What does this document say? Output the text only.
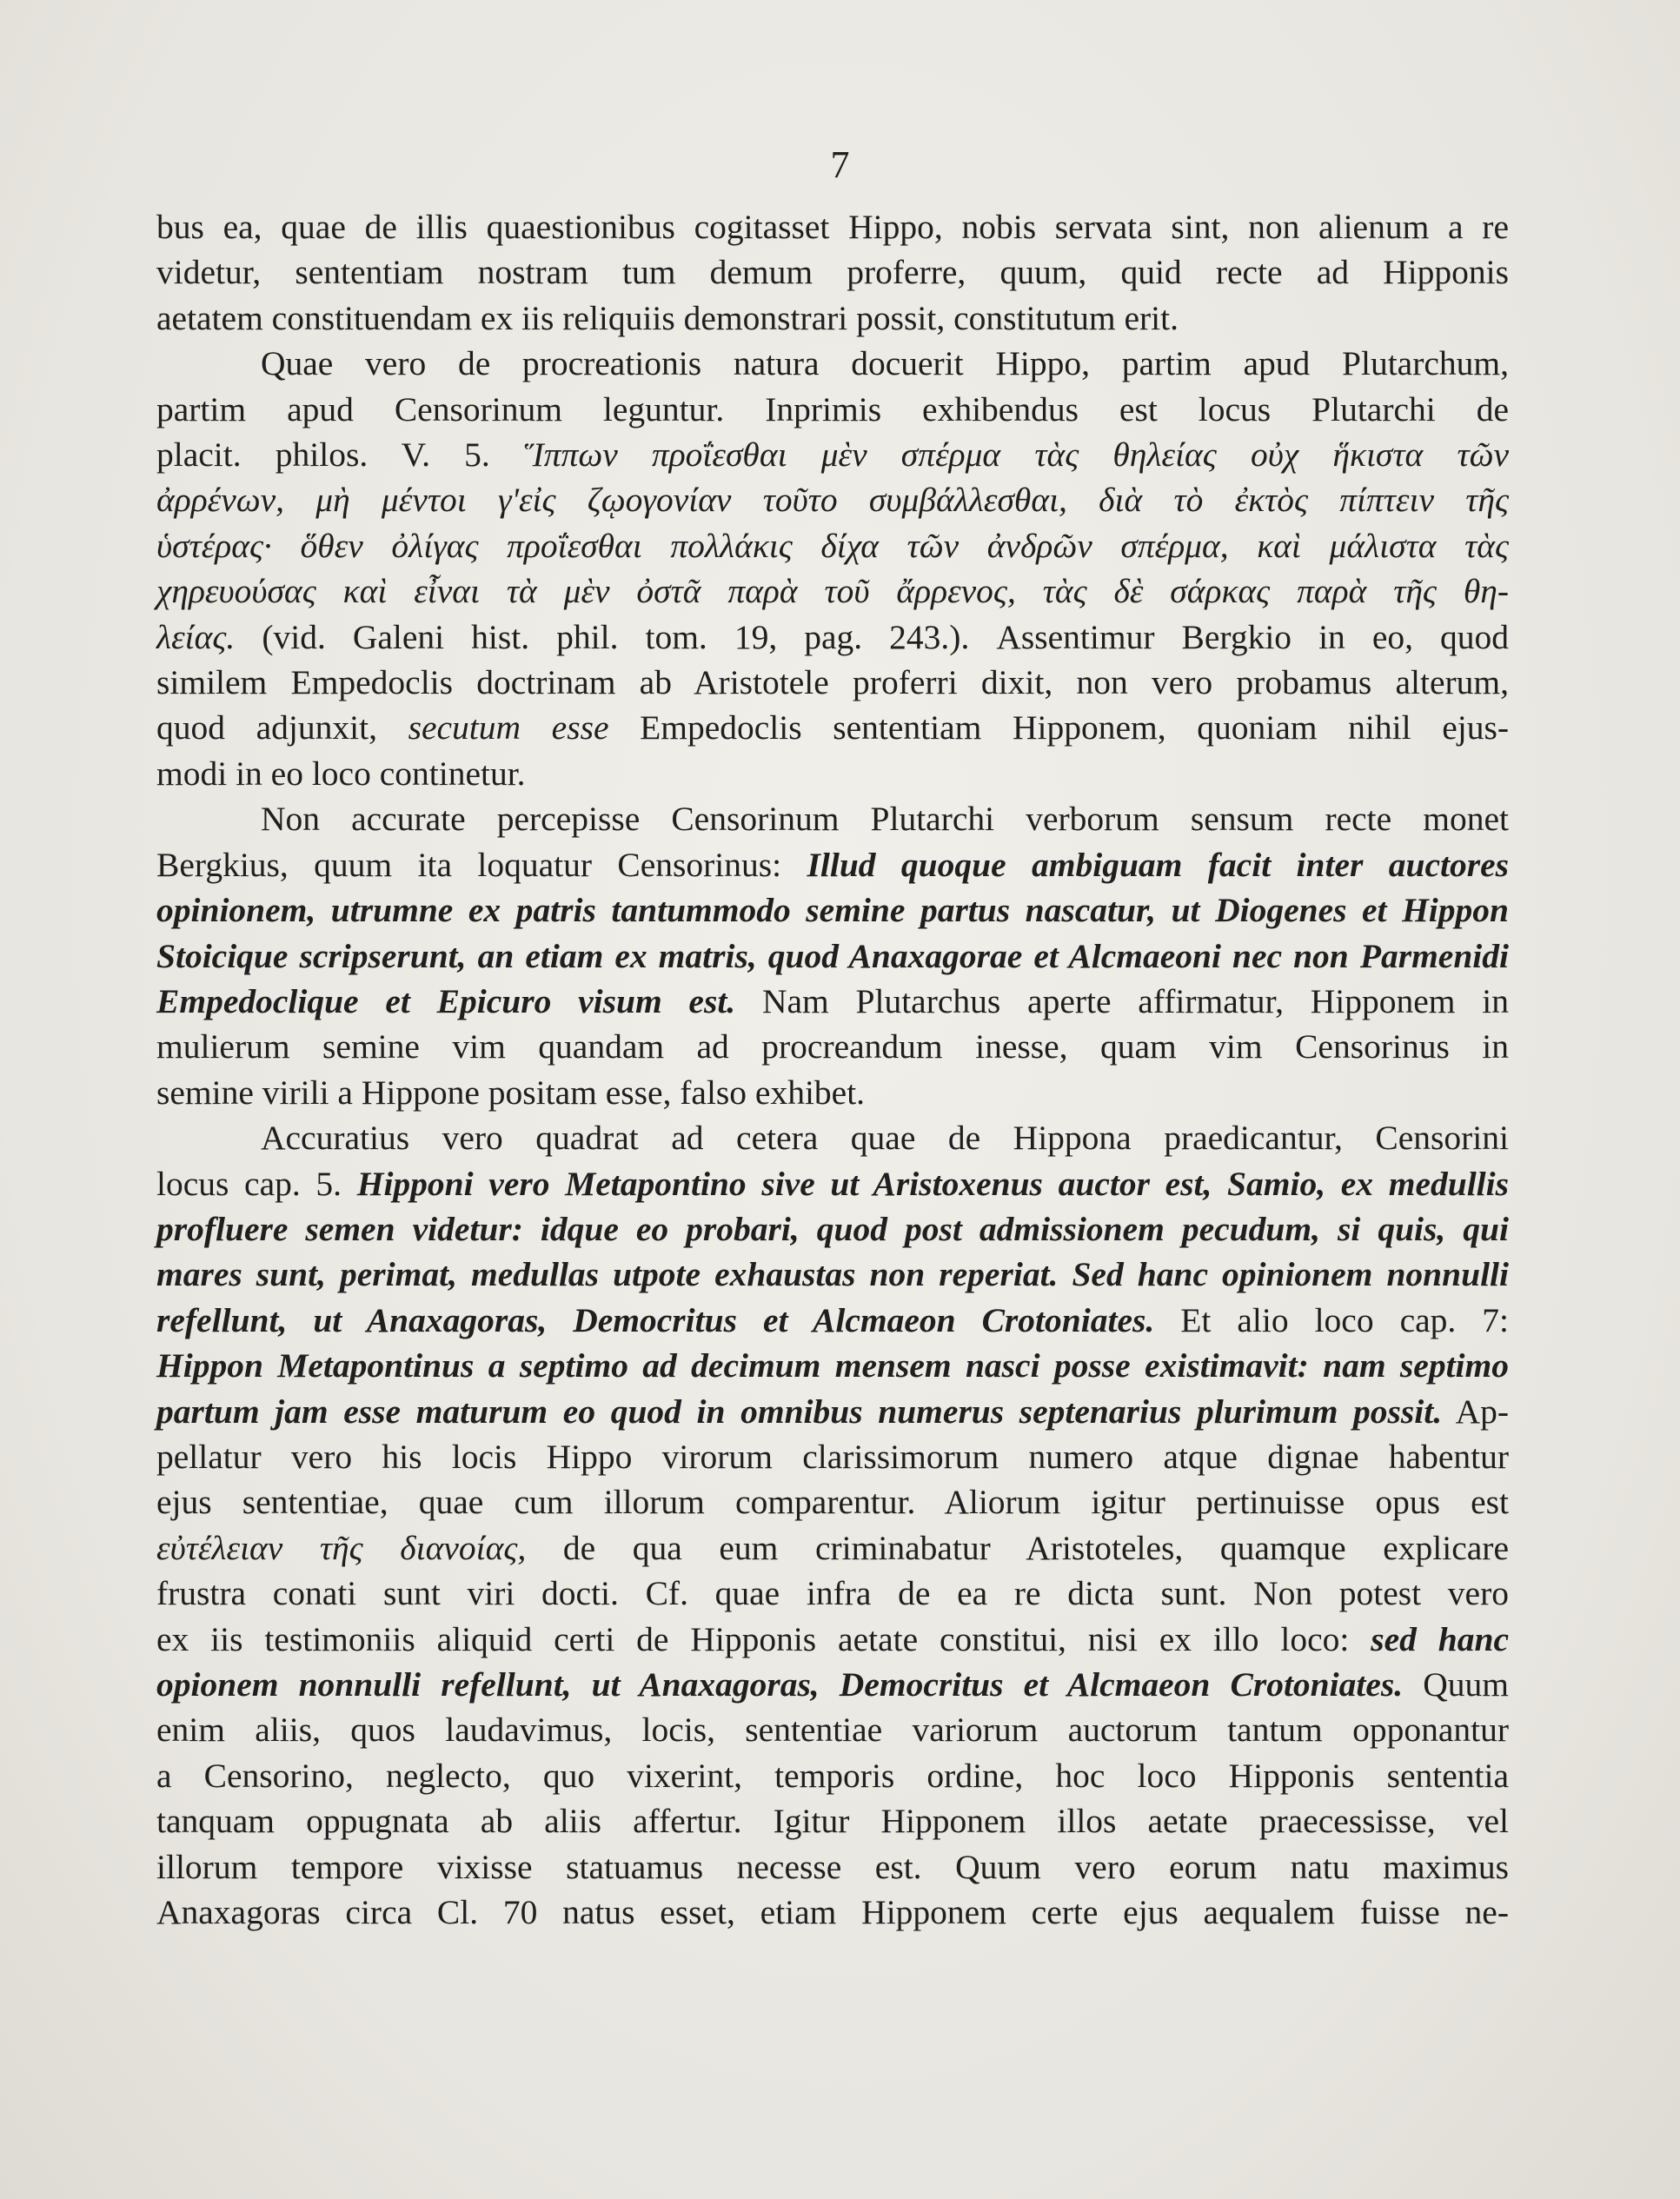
7
bus ea, quae de illis quaestionibus cogitasset Hippo, nobis servata sint, non alienum a re
videtur, sententiam nostram tum demum proferre, quum, quid recte ad Hipponis
aetatem constituendam ex iis reliquiis demonstrari possit, constitutum erit.
Quae vero de procreationis natura docuerit Hippo, partim apud Plutarchum,
partim apud Censorinum leguntur. Inprimis exhibendus est locus Plutarchi de
placit. philos. V. 5. Ἵππων προΐεσθαι μὲν σπέρμα τὰς θηλείας οὐχ ἥκιστα τῶν
ἀρρένων, μὴ μέντοι γ'εἰς ζῳογονίαν τοῦτο συμβάλλεσθαι, διὰ τὸ ἐκτὸς πίπτειν τῆς
ὑστέρας· ὅθεν ὀλίγας προΐεσθαι πολλάκις δίχα τῶν ἀνδρῶν σπέρμα, καὶ μάλιστα τὰς
χηρευούσας καὶ εἶναι τὰ μὲν ὀστᾶ παρὰ τοῦ ἄρρενος, τὰς δὲ σάρκας παρὰ τῆς θη-
λείας. (vid. Galeni hist. phil. tom. 19, pag. 243.). Assentimur Bergkio in eo, quod
similem Empedoclis doctrinam ab Aristotele proferri dixit, non vero probamus alterum,
quod adjunxit, secutum esse Empedoclis sententiam Hipponem, quoniam nihil ejus-
modi in eo loco continetur.
Non accurate percepisse Censorinum Plutarchi verborum sensum recte monet
Bergkius, quum ita loquatur Censorinus: Illud quoque ambiguam facit inter auctores
opinionem, utrumne ex patris tantummodo semine partus nascatur, ut Diogenes et Hippon
Stoicique scripserunt, an etiam ex matris, quod Anaxagorae et Alcmaeoni nec non Parmenidi
Empedoclique et Epicuro visum est. Nam Plutarchus aperte affirmatur, Hipponem in
mulierum semine vim quandam ad procreandum inesse, quam vim Censorinus in
semine virili a Hippone positam esse, falso exhibet.
Accuratius vero quadrat ad cetera quae de Hippona praedicantur, Censorini
locus cap. 5. Hipponi vero Metapontino sive ut Aristoxenus auctor est, Samio, ex medullis
profluere semen videtur: idque eo probari, quod post admissionem pecudum, si quis, qui
mares sunt, perimat, medullas utpote exhaustas non reperiat. Sed hanc opinionem nonnulli
refellunt, ut Anaxagoras, Democritus et Alcmaeon Crotoniates. Et alio loco cap. 7:
Hippon Metapontinus a septimo ad decimum mensem nasci posse existimavit: nam septimo
partum jam esse maturum eo quod in omnibus numerus septenarius plurimum possit. Ap-
pellatur vero his locis Hippo virorum clarissimorum numero atque dignae habentur
ejus sententiae, quae cum illorum comparentur. Aliorum igitur pertinuisse opus est
εὐτέλειαν τῆς διανοίας, de qua eum criminabatur Aristoteles, quamque explicare
frustra conati sunt viri docti. Cf. quae infra de ea re dicta sunt. Non potest vero
ex iis testimoniis aliquid certi de Hipponis aetate constitui, nisi ex illo loco: sed hanc
opionem nonnulli refellunt, ut Anaxagoras, Democritus et Alcmaeon Crotoniates. Quum
enim aliis, quos laudavimus, locis, sententiae variorum auctorum tantum opponantur
a Censorino, neglecto, quo vixerint, temporis ordine, hoc loco Hipponis sententia
tanquam oppugnata ab aliis affertur. Igitur Hipponem illos aetate praecessisse, vel
illorum tempore vixisse statuamus necesse est. Quum vero eorum natu maximus
Anaxagoras circa Cl. 70 natus esset, etiam Hipponem certe ejus aequalem fuisse ne-
